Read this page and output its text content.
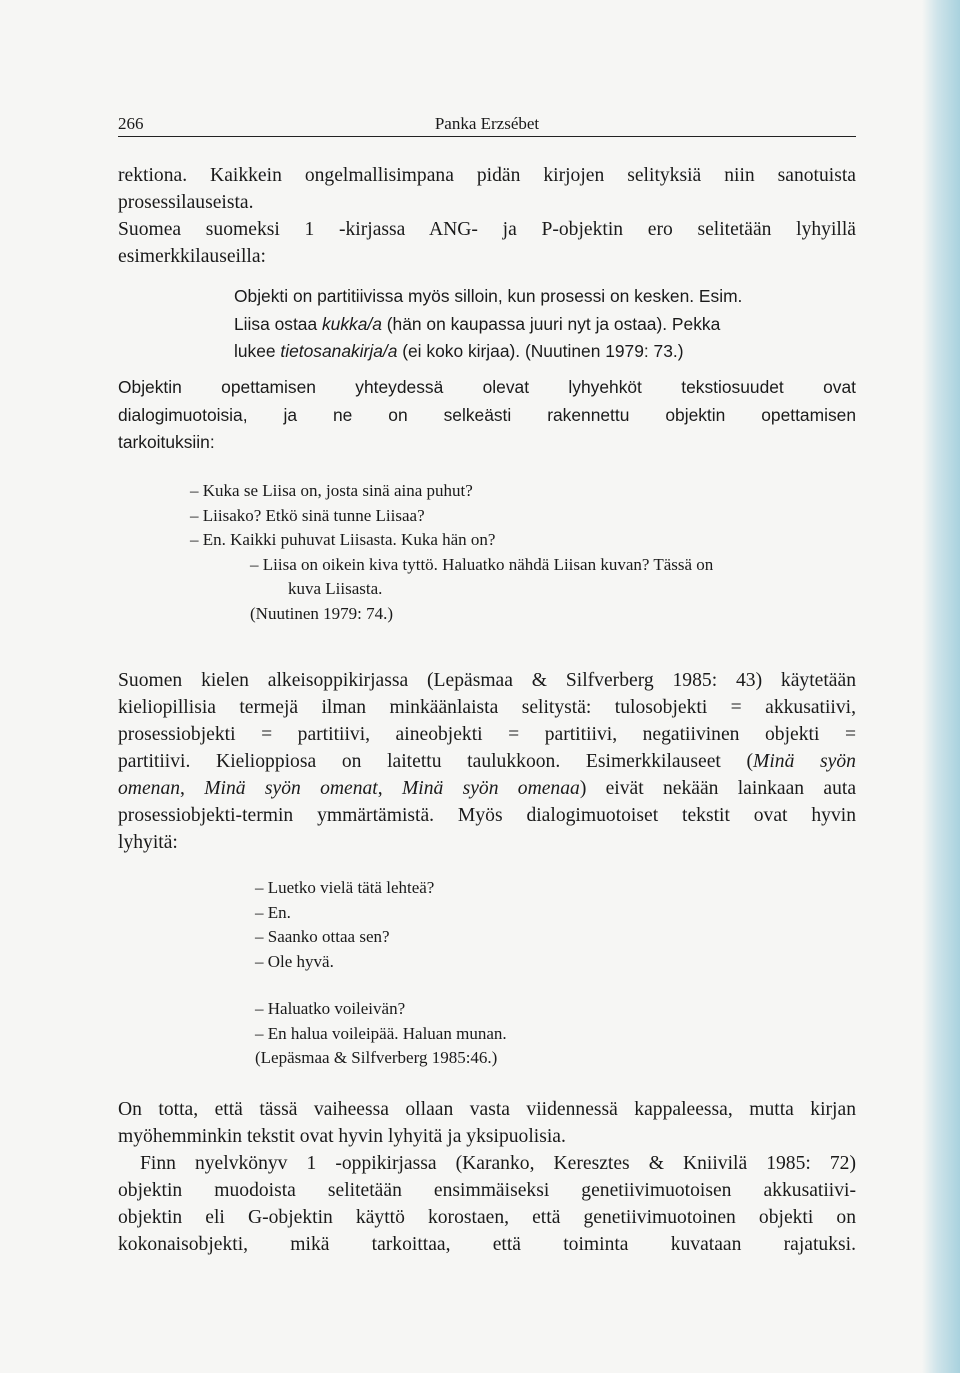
266	Panka Erzsébet
rektiona. Kaikkein ongelmallisimpana pidän kirjojen selityksiä niin sanotuista
prosessilauseista.
Suomea suomeksi 1 -kirjassa ANG- ja P-objektin ero selitetään lyhyillä
esimerkkilauseilla:
Objekti on partitiivissa myös silloin, kun prosessi on kesken. Esim.
Liisa ostaa kukka/a (hän on kaupassa juuri nyt ja ostaa). Pekka
lukee tietosanakirja/a (ei koko kirjaa). (Nuutinen 1979: 73.)
Objektin opettamisen yhteydessä olevat lyhyehköt tekstiosuudet ovat
dialogimuotoisia, ja ne on selkeästi rakennettu objektin opettamisen
tarkoituksiin:
– Kuka se Liisa on, josta sinä aina puhut?
– Liisako? Etkö sinä tunne Liisaa?
– En. Kaikki puhuvat Liisasta. Kuka hän on?
– Liisa on oikein kiva tyttö. Haluatko nähdä Liisan kuvan? Tässä on
kuva Liisasta.
(Nuutinen 1979: 74.)
Suomen kielen alkeisoppikirjassa (Lepäsmaa & Silfverberg 1985: 43) käytetään
kieliopillisia termejä ilman minkäänlaista selitystä: tulosobjekti = akkusatiivi,
prosessiobjekti = partitiivi, aineobjekti = partitiivi, negatiivinen objekti =
partitiivi. Kielioppiosa on laitettu taulukkoon. Esimerkkilauseet (Minä syön
omenan, Minä syön omenat, Minä syön omenaa) eivät nekään lainkaan auta
prosessiobjekti-termin ymmärtämistä. Myös dialogimuotoiset tekstit ovat hyvin
lyhyitä:
– Luetko vielä tätä lehteä?
– En.
– Saanko ottaa sen?
– Ole hyvä.
– Haluatko voileivän?
– En halua voileipää. Haluan munan.
(Lepäsmaa & Silfverberg 1985:46.)
On totta, että tässä vaiheessa ollaan vasta viidennessä kappaleessa, mutta kirjan
myöhemminkin tekstit ovat hyvin lyhyitä ja yksipuolisia.
Finn nyelvkönyv 1 -oppikirjassa (Karanko, Keresztes & Kniivilä 1985: 72)
objektin muodoista selitetään ensimmäiseksi genetiivimuotoisen akkusatiivi-
objektin eli G-objektin käyttö korostaen, että genetiivimuotoinen objekti on
kokonaisobjekti, mikä tarkoittaa, että toiminta kuvataan rajatuksi.
